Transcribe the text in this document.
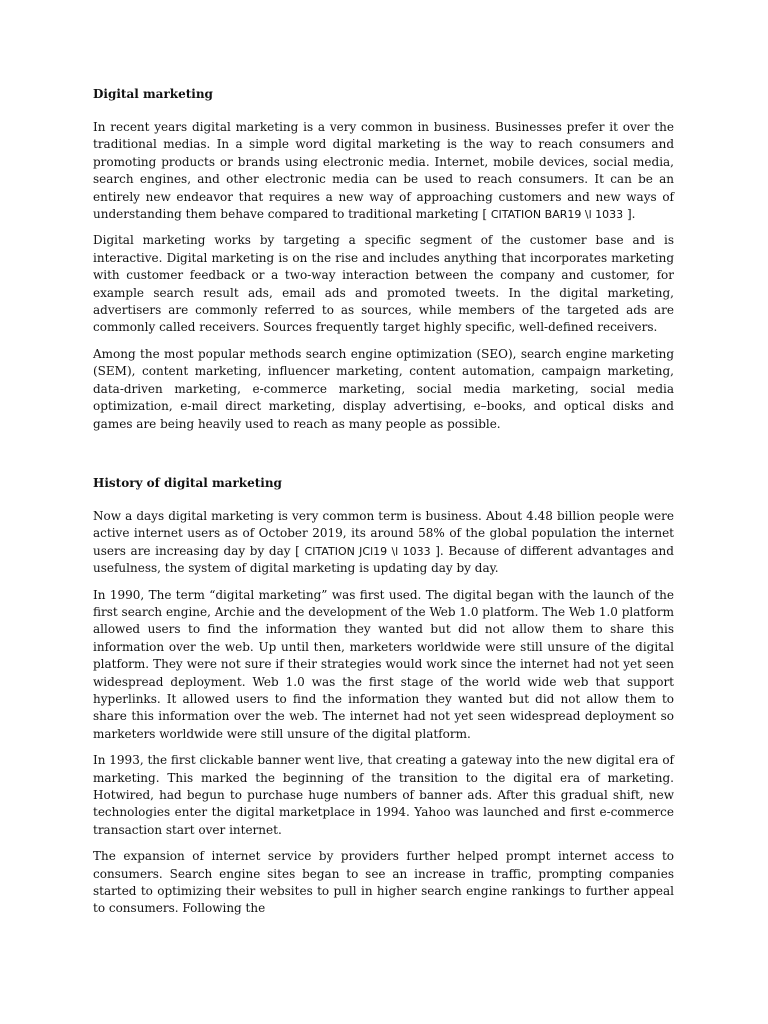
Digital marketing

In recent years digital marketing is a very common in business. Businesses prefer it over the traditional medias. In a simple word digital marketing is the way to reach consumers and promoting products or brands using electronic media. Internet, mobile devices, social media, search engines, and other electronic media can be used to reach consumers. It can be an entirely new endeavor that requires a new way of approaching customers and new ways of understanding them behave compared to traditional marketing [ CITATION BAR19 \l 1033 ].

Digital marketing works by targeting a specific segment of the customer base and is interactive. Digital marketing is on the rise and includes anything that incorporates marketing with customer feedback or a two-way interaction between the company and customer, for example search result ads, email ads and promoted tweets. In the digital marketing, advertisers are commonly referred to as sources, while members of the targeted ads are commonly called receivers. Sources frequently target highly specific, well-defined receivers.

Among the most popular methods search engine optimization (SEO), search engine marketing (SEM), content marketing, influencer marketing, content automation, campaign marketing, data-driven marketing, e-commerce marketing, social media marketing, social media optimization, e-mail direct marketing, display advertising, e–books, and optical disks and games are being heavily used to reach as many people as possible.

History of digital marketing

Now a days digital marketing is very common term is business. About 4.48 billion people were active internet users as of October 2019, its around 58% of the global population the internet users are increasing day by day [ CITATION JCl19 \l 1033 ]. Because of different advantages and usefulness, the system of digital marketing is updating day by day.

In 1990, The term “digital marketing” was first used. The digital began with the launch of the first search engine, Archie and the development of the Web 1.0 platform. The Web 1.0 platform allowed users to find the information they wanted but did not allow them to share this information over the web. Up until then, marketers worldwide were still unsure of the digital platform. They were not sure if their strategies would work since the internet had not yet seen widespread deployment. Web 1.0 was the first stage of the world wide web that support hyperlinks. It allowed users to find the information they wanted but did not allow them to share this information over the web. The internet had not yet seen widespread deployment so marketers worldwide were still unsure of the digital platform.

In 1993, the first clickable banner went live, that creating a gateway into the new digital era of marketing. This marked the beginning of the transition to the digital era of marketing. Hotwired, had begun to purchase huge numbers of banner ads. After this gradual shift, new technologies enter the digital marketplace in 1994. Yahoo was launched and first e-commerce transaction start over internet.

The expansion of internet service by providers further helped prompt internet access to consumers. Search engine sites began to see an increase in traffic, prompting companies started to optimizing their websites to pull in higher search engine rankings to further appeal to consumers. Following the
